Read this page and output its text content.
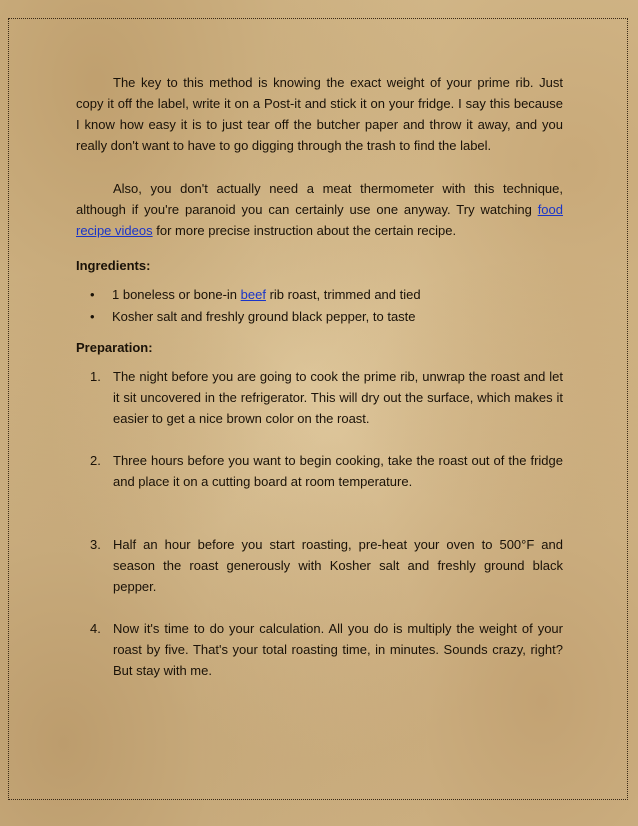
The key to this method is knowing the exact weight of your prime rib. Just copy it off the label, write it on a Post-it and stick it on your fridge. I say this because I know how easy it is to just tear off the butcher paper and throw it away, and you really don't want to have to go digging through the trash to find the label.

Also, you don't actually need a meat thermometer with this technique, although if you're paranoid you can certainly use one anyway. Try watching food recipe videos for more precise instruction about the certain recipe.

Ingredients:

• 1 boneless or bone-in beef rib roast, trimmed and tied
• Kosher salt and freshly ground black pepper, to taste

Preparation:

1. The night before you are going to cook the prime rib, unwrap the roast and let it sit uncovered in the refrigerator. This will dry out the surface, which makes it easier to get a nice brown color on the roast.
2. Three hours before you want to begin cooking, take the roast out of the fridge and place it on a cutting board at room temperature.
3. Half an hour before you start roasting, pre-heat your oven to 500°F and season the roast generously with Kosher salt and freshly ground black pepper.
4. Now it's time to do your calculation. All you do is multiply the weight of your roast by five. That's your total roasting time, in minutes. Sounds crazy, right? But stay with me.
